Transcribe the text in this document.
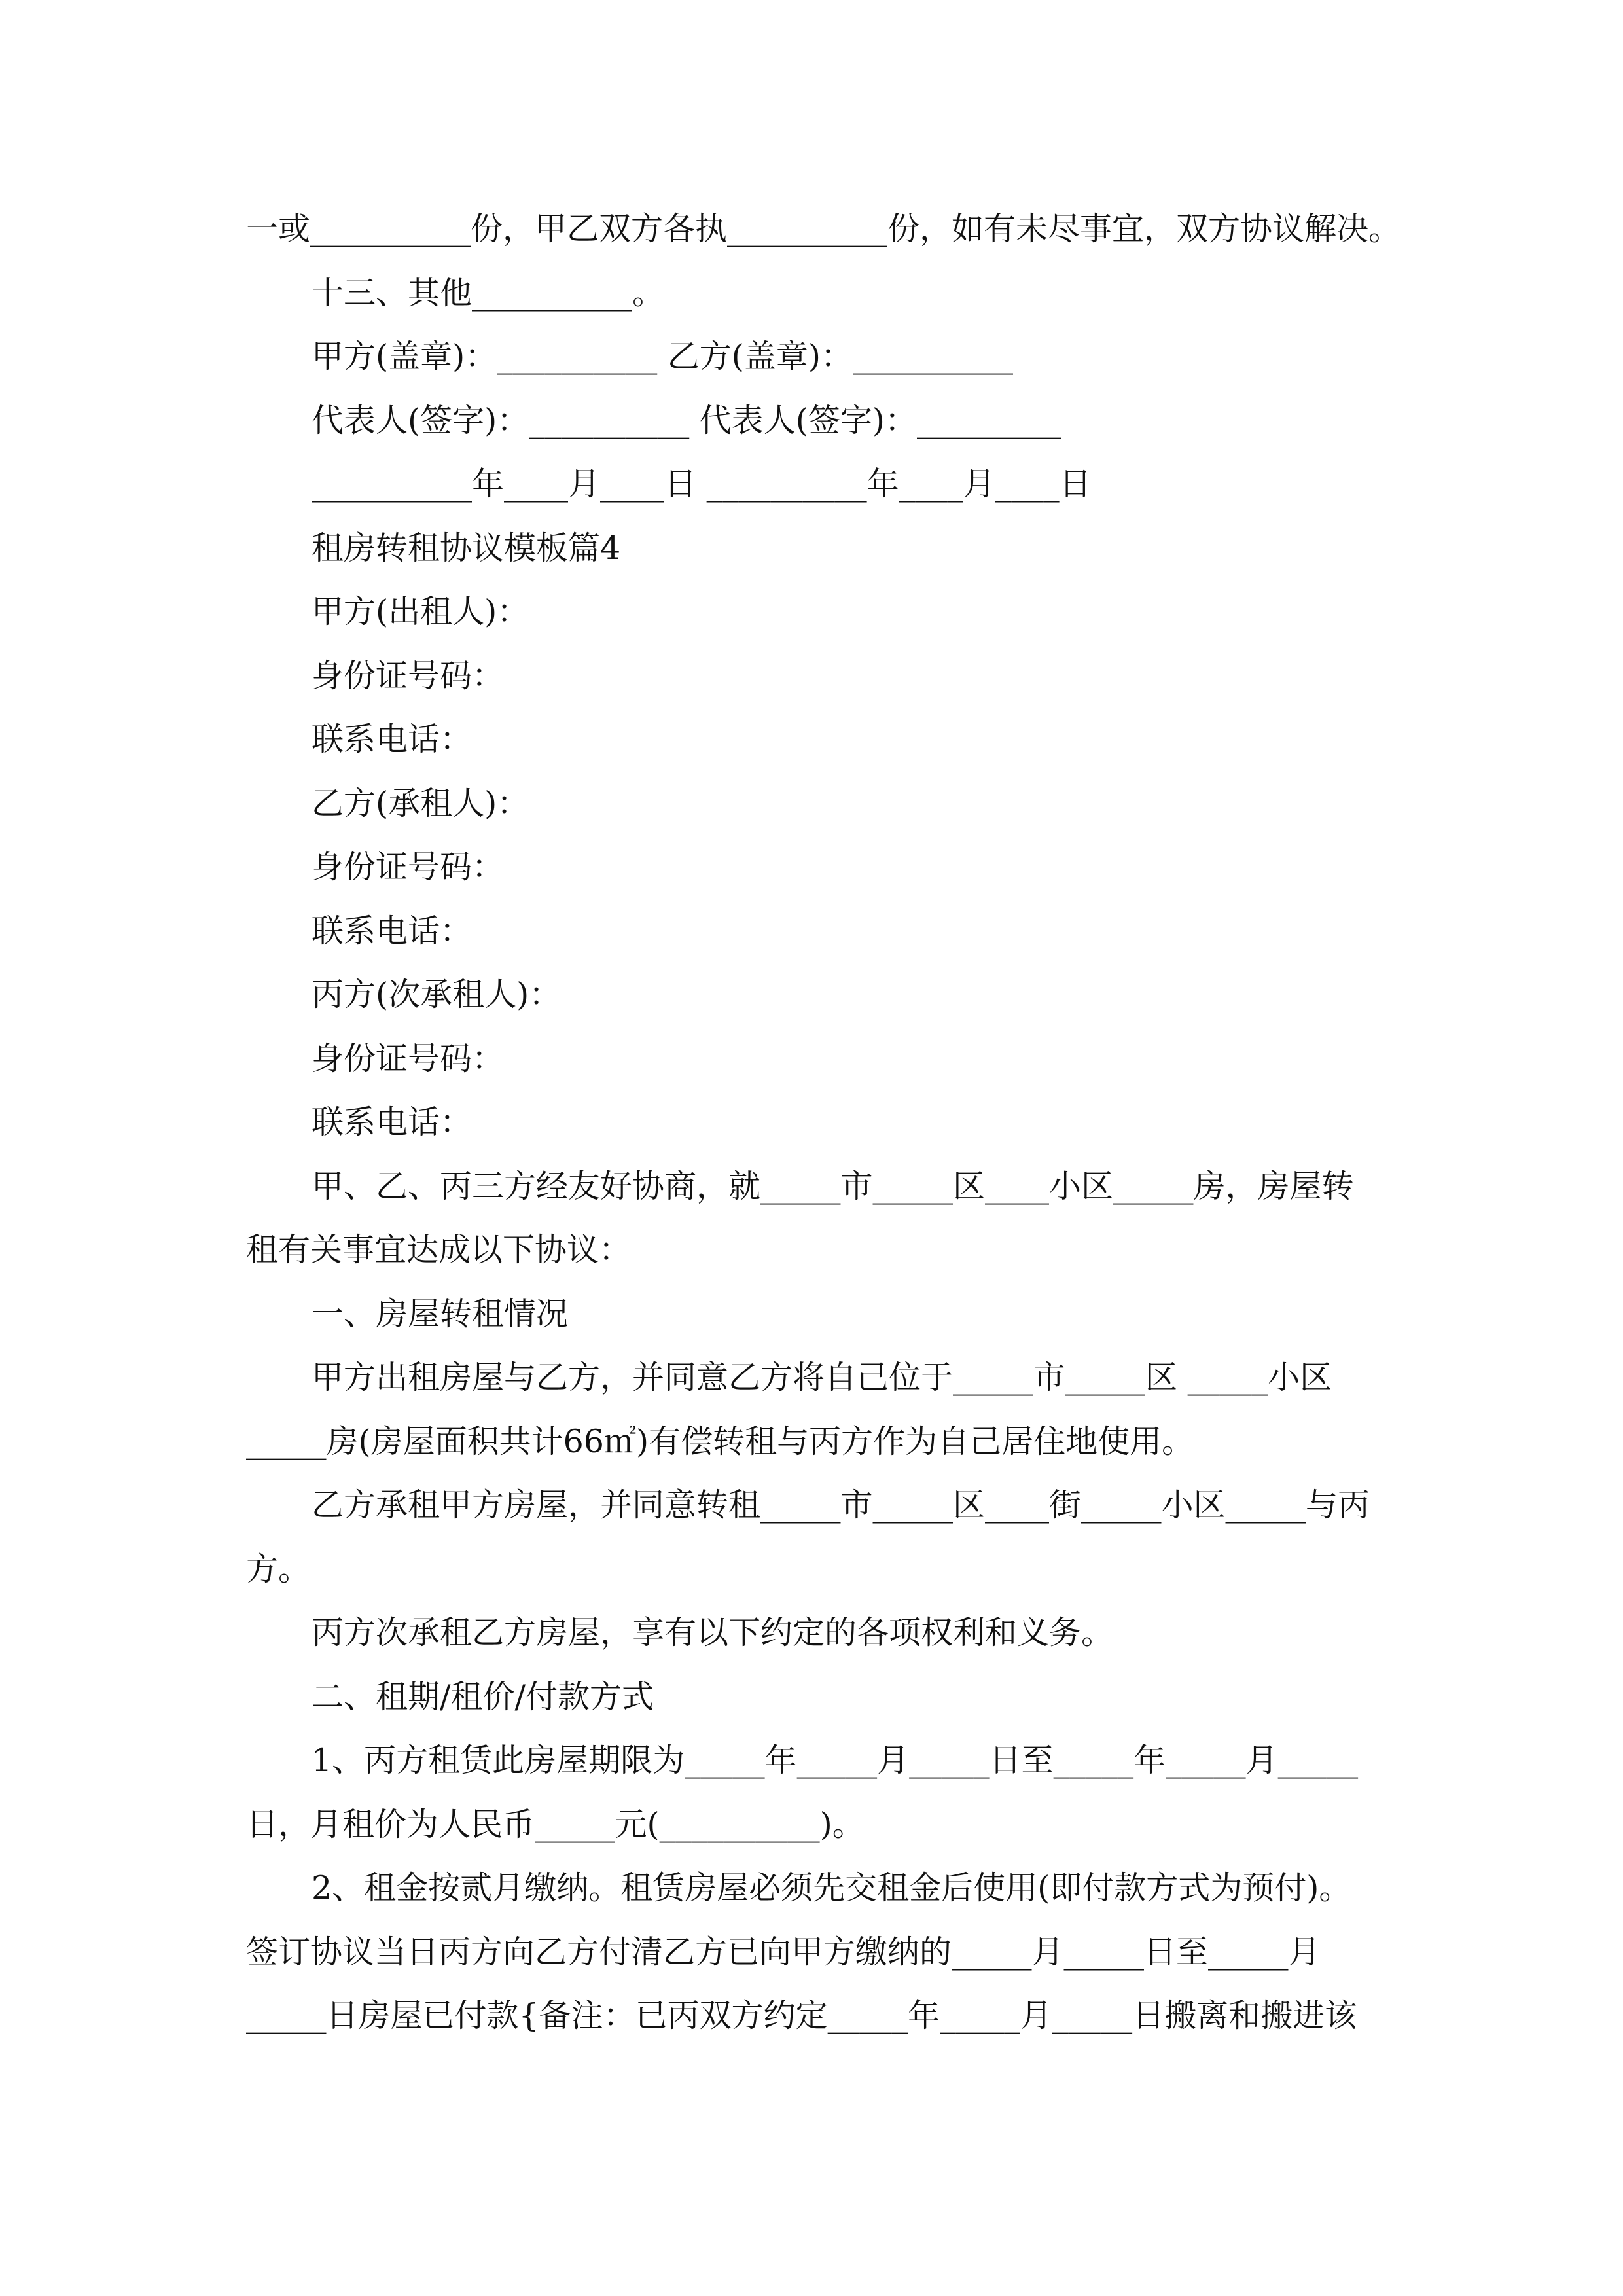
一或__________份，甲乙双方各执__________份，如有未尽事宜，双方协议解决。
十三、其他__________。
甲方(盖章)：__________ 乙方(盖章)：__________
代表人(签字)：__________ 代表人(签字)：_________
__________年____月____日 __________年____月____日
租房转租协议模板篇4
甲方(出租人)：
身份证号码：
联系电话：
乙方(承租人)：
身份证号码：
联系电话：
丙方(次承租人)：
身份证号码：
联系电话：
甲、乙、丙三方经友好协商，就_____市_____区____小区_____房，房屋转
租有关事宜达成以下协议：
一、房屋转租情况
甲方出租房屋与乙方，并同意乙方将自己位于_____市_____区 _____小区
_____房(房屋面积共计66㎡)有偿转租与丙方作为自己居住地使用。
乙方承租甲方房屋，并同意转租_____市_____区____街_____小区_____与丙
方。
丙方次承租乙方房屋，享有以下约定的各项权利和义务。
二、租期/租价/付款方式
1、丙方租赁此房屋期限为_____年_____月_____日至_____年_____月_____
日，月租价为人民币_____元(__________)。
2、租金按贰月缴纳。租赁房屋必须先交租金后使用(即付款方式为预付)。
签订协议当日丙方向乙方付清乙方已向甲方缴纳的_____月_____日至_____月
_____日房屋已付款{备注：已丙双方约定_____年_____月_____日搬离和搬进该
